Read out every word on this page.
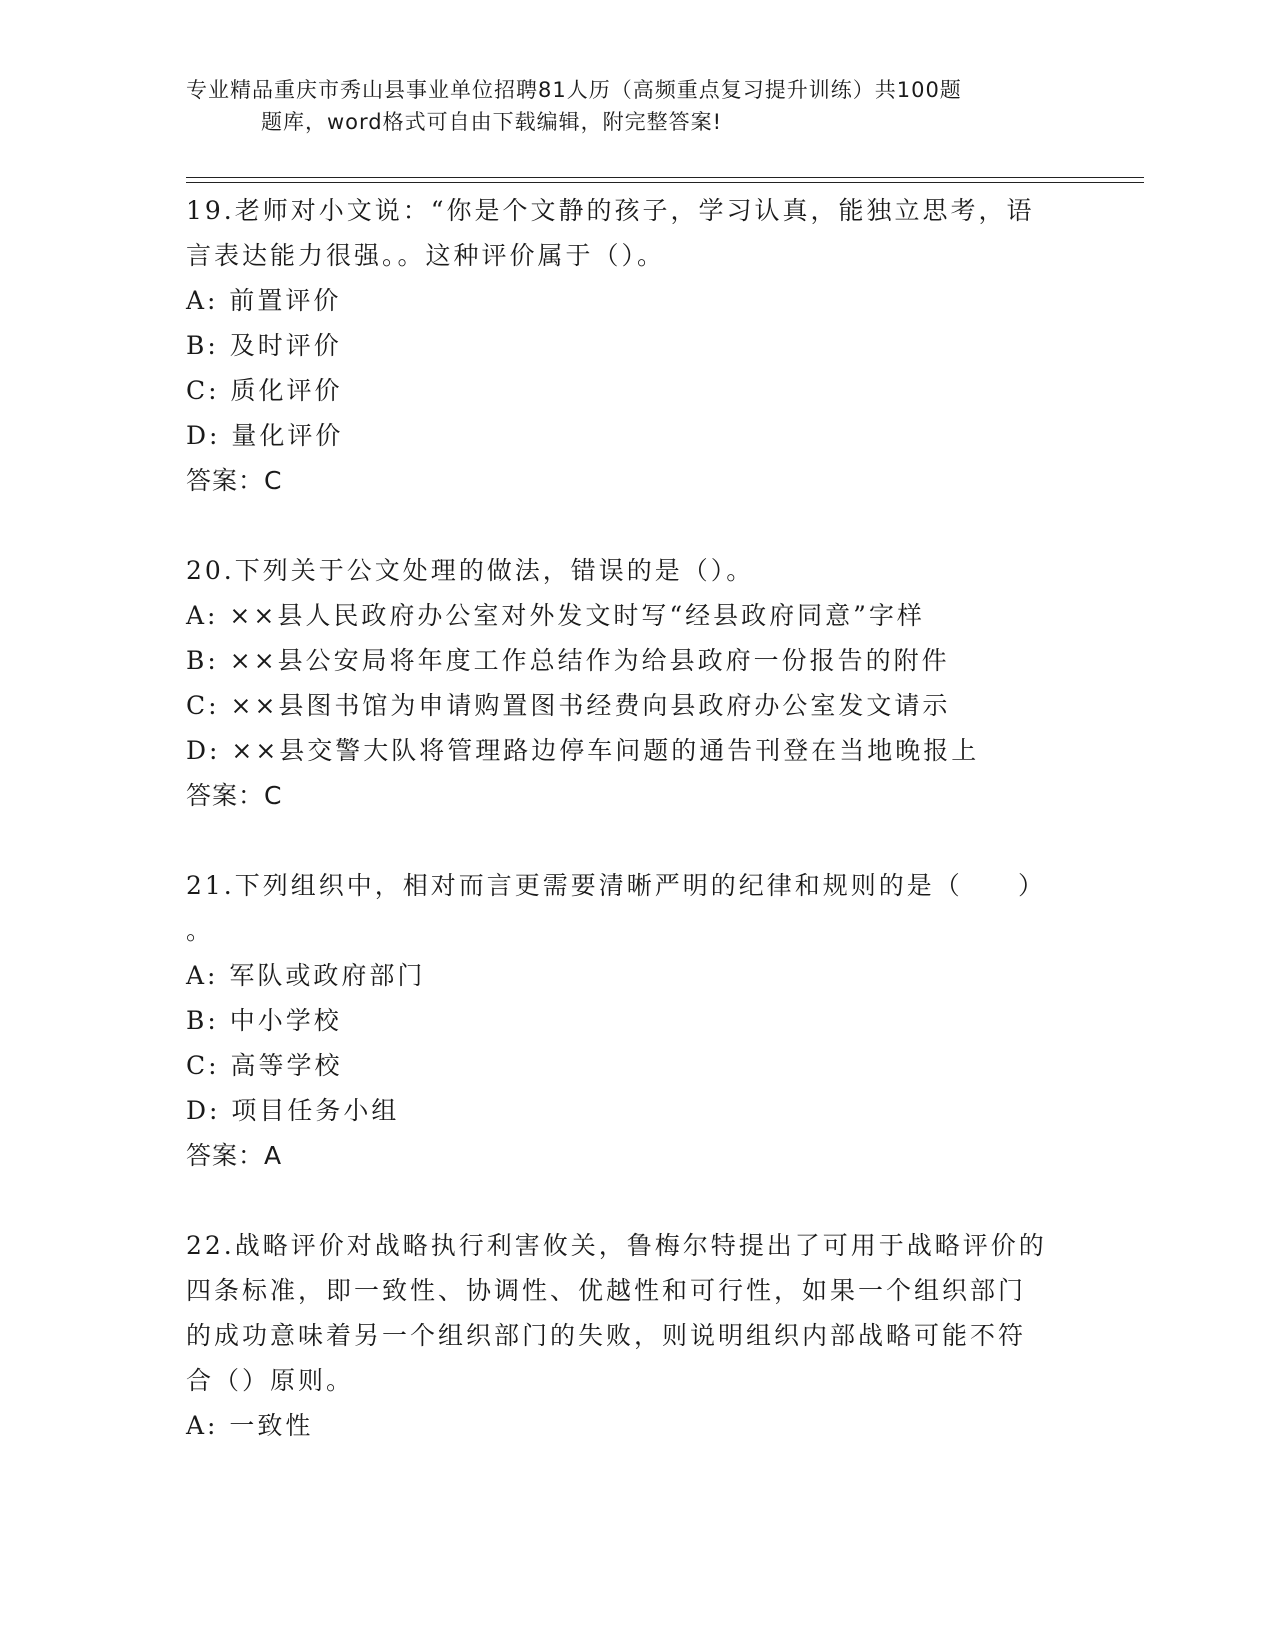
专业精品重庆市秀山县事业单位招聘81人历（高频重点复习提升训练）共100题
题库，word格式可自由下载编辑，附完整答案!

19.老师对小文说：“你是个文静的孩子，学习认真，能独立思考，语

言表达能力很强。。这种评价属于（）。

A: 前置评价

B: 及时评价

C: 质化评价

D: 量化评价

答案：C

20.下列关于公文处理的做法，错误的是（）。

A: ××县人民政府办公室对外发文时写“经县政府同意”字样

B: ××县公安局将年度工作总结作为给县政府一份报告的附件

C: ××县图书馆为申请购置图书经费向县政府办公室发文请示

D: ××县交警大队将管理路边停车问题的通告刊登在当地晚报上

答案：C

21.下列组织中，相对而言更需要清晰严明的纪律和规则的是（ ）

。

A: 军队或政府部门

B: 中小学校

C: 高等学校

D: 项目任务小组

答案：A

22.战略评价对战略执行利害攸关，鲁梅尔特提出了可用于战略评价的

四条标准，即一致性、协调性、优越性和可行性，如果一个组织部门

的成功意味着另一个组织部门的失败，则说明组织内部战略可能不符

合（）原则。

A: 一致性
